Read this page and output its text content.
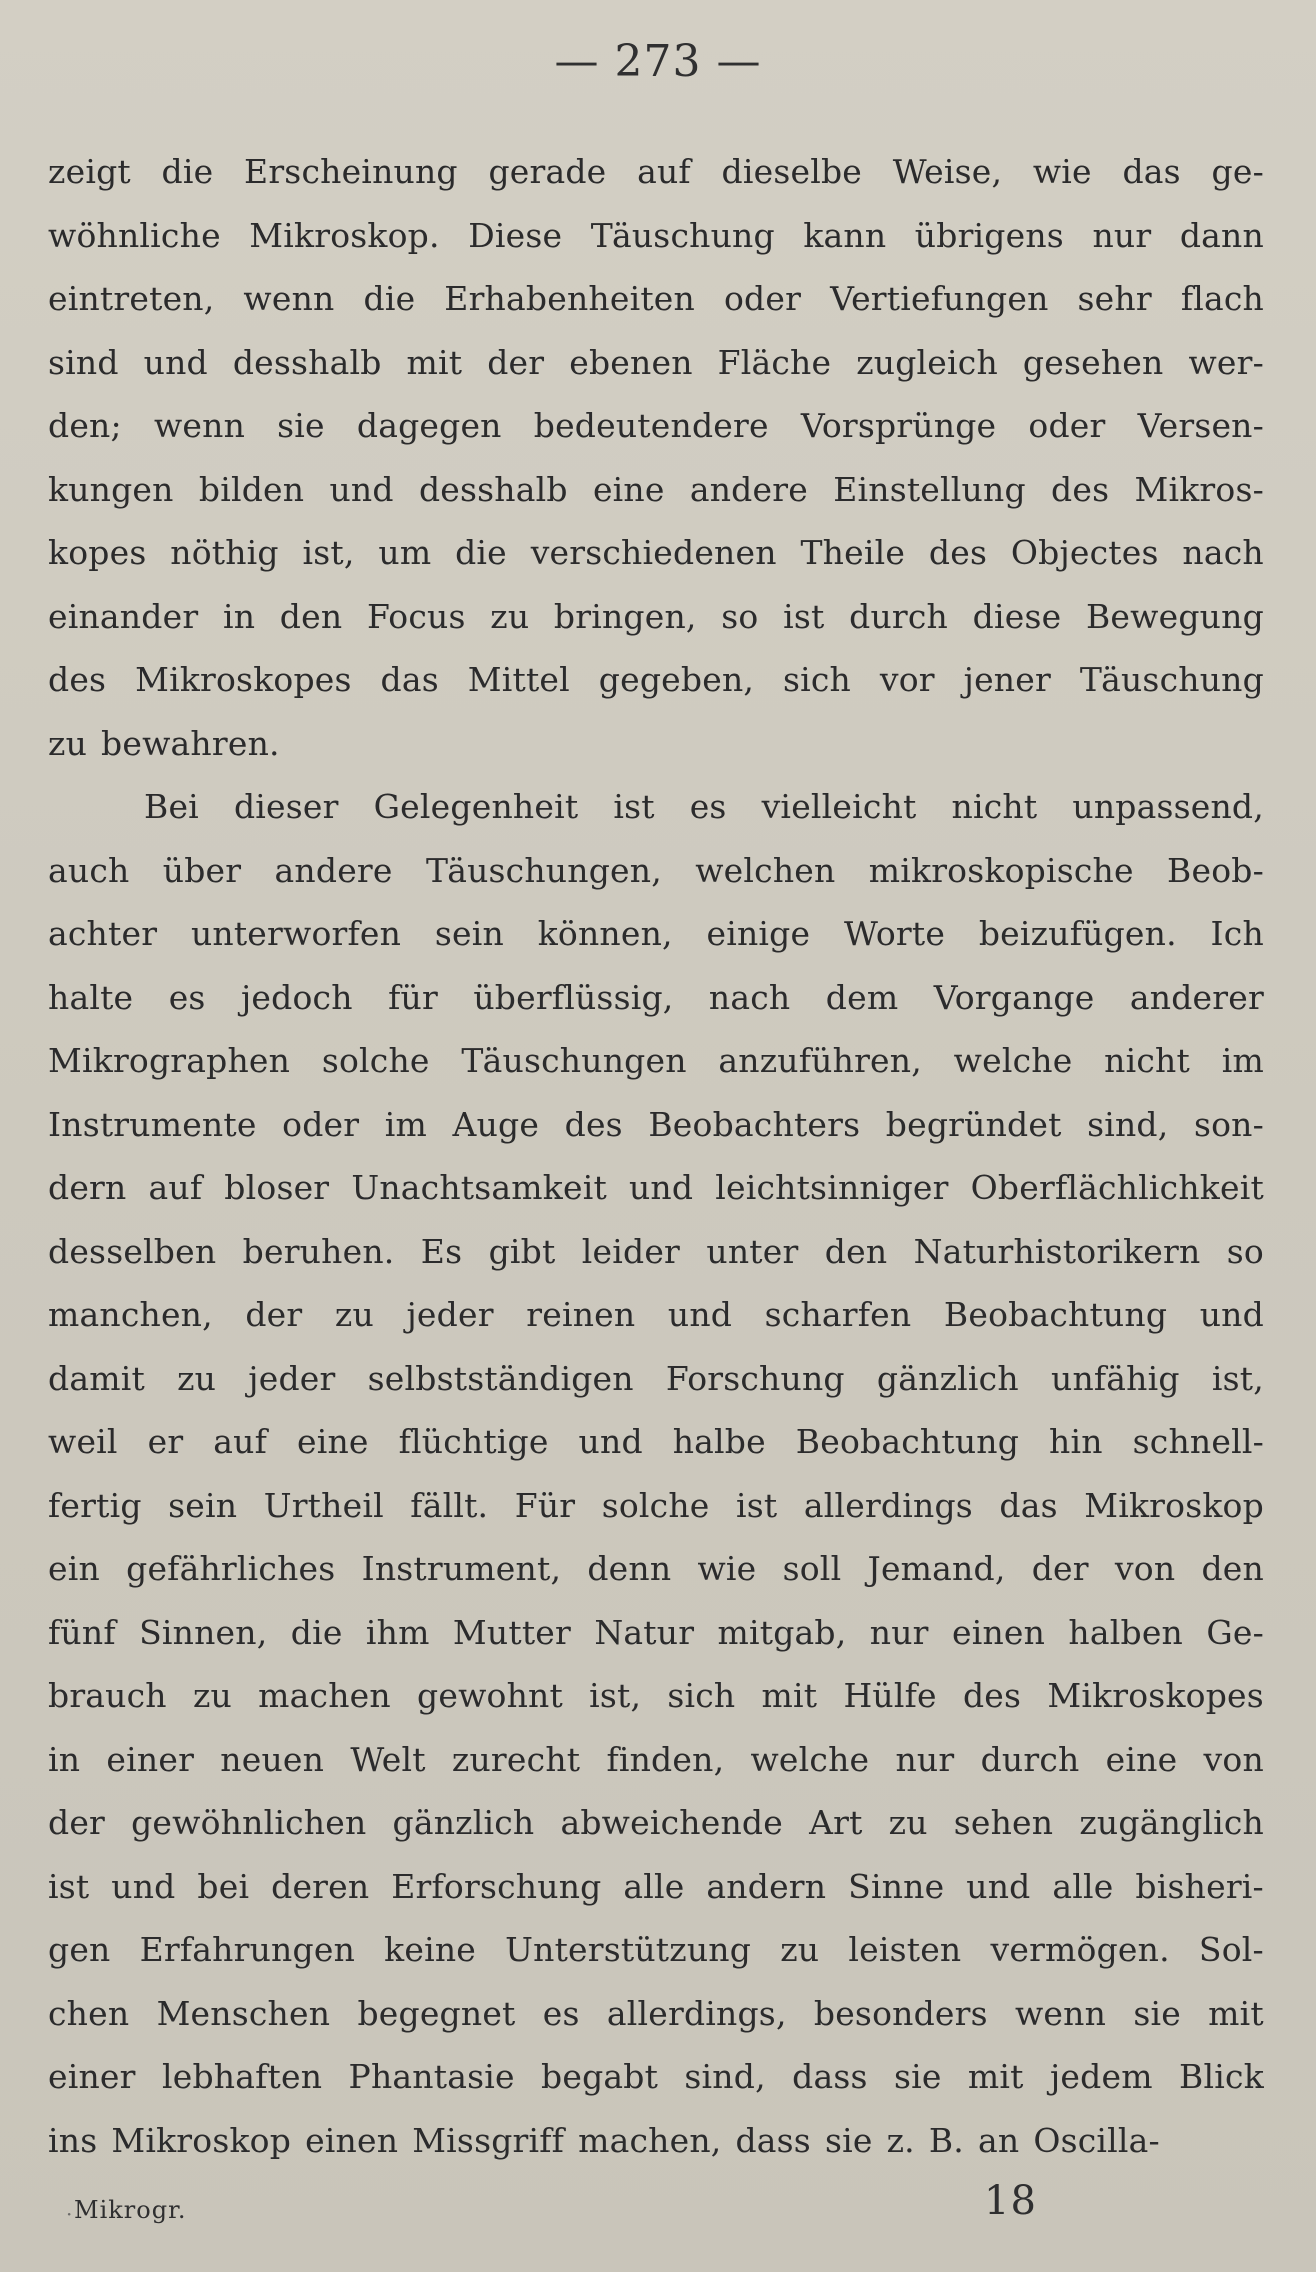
— 273 —
zeigt die Erscheinung gerade auf dieselbe Weise, wie das ge-
wöhnliche Mikroskop. Diese Täuschung kann übrigens nur dann
eintreten, wenn die Erhabenheiten oder Vertiefungen sehr flach
sind und desshalb mit der ebenen Fläche zugleich gesehen wer-
den; wenn sie dagegen bedeutendere Vorsprünge oder Versen-
kungen bilden und desshalb eine andere Einstellung des Mikros-
kopes nöthig ist, um die verschiedenen Theile des Objectes nach
einander in den Focus zu bringen, so ist durch diese Bewegung
des Mikroskopes das Mittel gegeben, sich vor jener Täuschung
zu bewahren.
Bei dieser Gelegenheit ist es vielleicht nicht unpassend,
auch über andere Täuschungen, welchen mikroskopische Beob-
achter unterworfen sein können, einige Worte beizufügen. Ich
halte es jedoch für überflüssig, nach dem Vorgange anderer
Mikrographen solche Täuschungen anzuführen, welche nicht im
Instrumente oder im Auge des Beobachters begründet sind, son-
dern auf bloser Unachtsamkeit und leichtsinniger Oberflächlichkeit
desselben beruhen. Es gibt leider unter den Naturhistorikern so
manchen, der zu jeder reinen und scharfen Beobachtung und
damit zu jeder selbstständigen Forschung gänzlich unfähig ist,
weil er auf eine flüchtige und halbe Beobachtung hin schnell-
fertig sein Urtheil fällt. Für solche ist allerdings das Mikroskop
ein gefährliches Instrument, denn wie soll Jemand, der von den
fünf Sinnen, die ihm Mutter Natur mitgab, nur einen halben Ge-
brauch zu machen gewohnt ist, sich mit Hülfe des Mikroskopes
in einer neuen Welt zurecht finden, welche nur durch eine von
der gewöhnlichen gänzlich abweichende Art zu sehen zugänglich
ist und bei deren Erforschung alle andern Sinne und alle bisheri-
gen Erfahrungen keine Unterstützung zu leisten vermögen. Sol-
chen Menschen begegnet es allerdings, besonders wenn sie mit
einer lebhaften Phantasie begabt sind, dass sie mit jedem Blick
ins Mikroskop einen Missgriff machen, dass sie z. B. an Oscilla-
· Mikrogr.	18
